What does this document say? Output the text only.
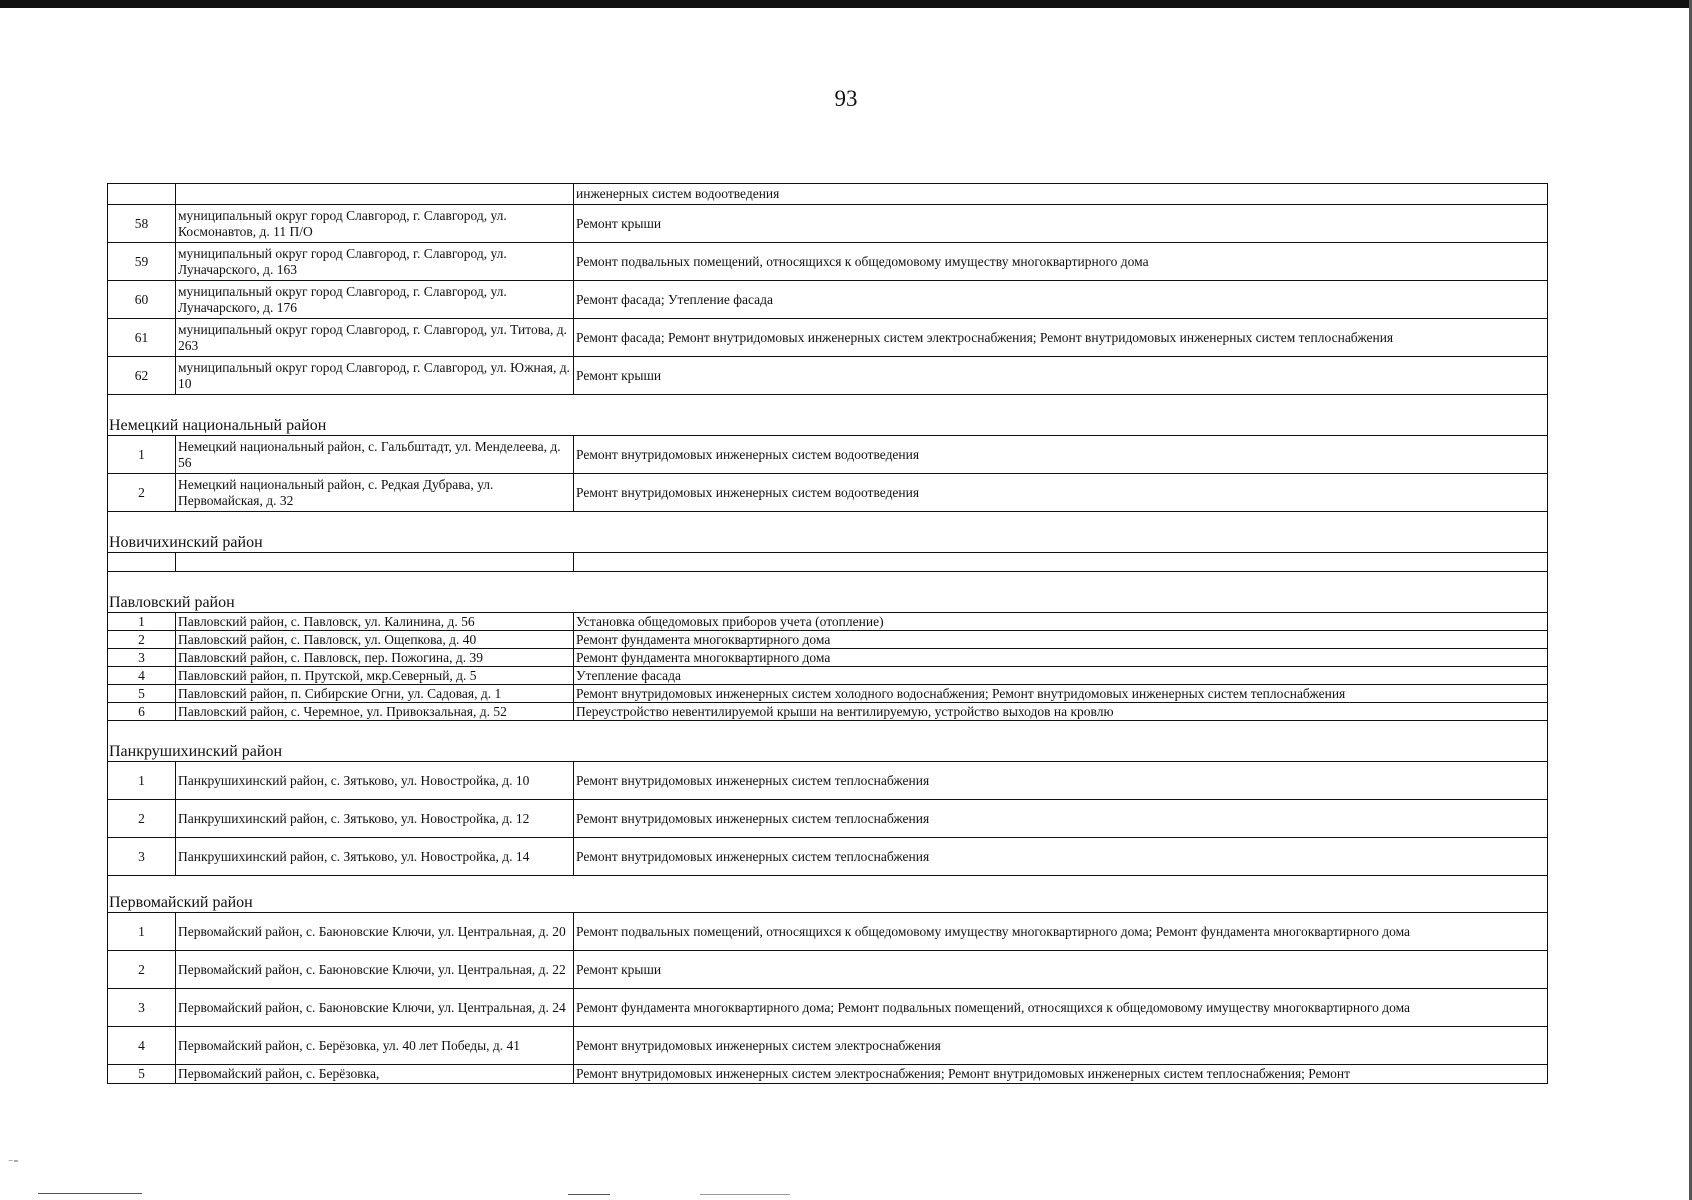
93
		инженерных систем водоотведения
58	муниципальный округ город Славгород, г. Славгород, ул. Космонавтов, д. 11 П/О	Ремонт крыши
59	муниципальный округ город Славгород, г. Славгород, ул. Луначарского, д. 163	Ремонт подвальных помещений, относящихся к общедомовому имуществу многоквартирного дома
60	муниципальный округ город Славгород, г. Славгород, ул. Луначарского, д. 176	Ремонт фасада; Утепление фасада
61	муниципальный округ город Славгород, г. Славгород, ул. Титова, д. 263	Ремонт фасада; Ремонт внутридомовых инженерных систем электроснабжения; Ремонт внутридомовых инженерных систем теплоснабжения
62	муниципальный округ город Славгород, г. Славгород, ул. Южная, д. 10	Ремонт крыши
Немецкий национальный район
1	Немецкий национальный район, с. Гальбштадт, ул. Менделеева, д. 56	Ремонт внутридомовых инженерных систем водоотведения
2	Немецкий национальный район, с. Редкая Дубрава, ул. Первомайская, д. 32	Ремонт внутридомовых инженерных систем водоотведения
Новичихинский район

Павловский район
1	Павловский район, с. Павловск, ул. Калинина, д. 56	Установка общедомовых приборов учета (отопление)
2	Павловский район, с. Павловск, ул. Ощепкова, д. 40	Ремонт фундамента многоквартирного дома
3	Павловский район, с. Павловск, пер. Пожогина, д. 39	Ремонт фундамента многоквартирного дома
4	Павловский район, п. Прутской, мкр.Северный, д. 5	Утепление фасада
5	Павловский район, п. Сибирские Огни, ул. Садовая, д. 1	Ремонт внутридомовых инженерных систем холодного водоснабжения; Ремонт внутридомовых инженерных систем теплоснабжения
6	Павловский район, с. Черемное, ул. Привокзальная, д. 52	Переустройство невентилируемой крыши на вентилируемую, устройство выходов на кровлю
Панкрушихинский район
1	Панкрушихинский район, с. Зятьково, ул. Новостройка, д. 10	Ремонт внутридомовых инженерных систем теплоснабжения
2	Панкрушихинский район, с. Зятьково, ул. Новостройка, д. 12	Ремонт внутридомовых инженерных систем теплоснабжения
3	Панкрушихинский район, с. Зятьково, ул. Новостройка, д. 14	Ремонт внутридомовых инженерных систем теплоснабжения
Первомайский район
1	Первомайский район, с. Баюновские Ключи, ул. Центральная, д. 20	Ремонт подвальных помещений, относящихся к общедомовому имуществу многоквартирного дома; Ремонт фундамента многоквартирного дома
2	Первомайский район, с. Баюновские Ключи, ул. Центральная, д. 22	Ремонт крыши
3	Первомайский район, с. Баюновские Ключи, ул. Центральная, д. 24	Ремонт фундамента многоквартирного дома; Ремонт подвальных помещений, относящихся к общедомовому имуществу многоквартирного дома
4	Первомайский район, с. Берёзовка, ул. 40 лет Победы, д. 41	Ремонт внутридомовых инженерных систем электроснабжения
5	Первомайский район, с. Берёзовка,	Ремонт внутридомовых инженерных систем электроснабжения; Ремонт внутридомовых инженерных систем теплоснабжения; Ремонт
⁻⁼
